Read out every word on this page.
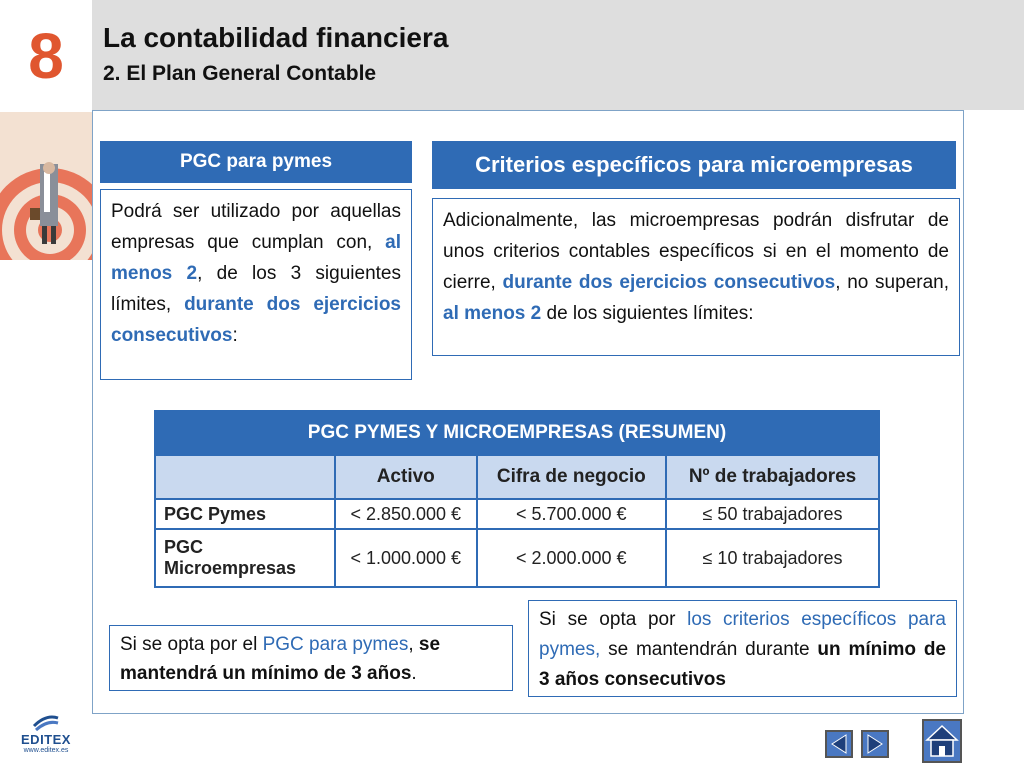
8	La contabilidad financiera
2. El Plan General Contable
PGC para pymes
Podrá ser utilizado por aquellas empresas que cumplan con, al menos 2, de los 3 siguientes límites, durante dos ejercicios consecutivos:
Criterios específicos para microempresas
Adicionalmente, las microempresas podrán disfrutar de unos criterios contables específicos si en el momento de cierre, durante dos ejercicios consecutivos, no superan, al menos 2 de los siguientes límites:
PGC PYMES Y MICROEMPRESAS (RESUMEN)			
	Activo	Cifra de negocio	Nº de trabajadores
PGC Pymes	< 2.850.000 €	< 5.700.000 €	≤ 50 trabajadores
PGC Microempresas	< 1.000.000 €	< 2.000.000 €	≤ 10 trabajadores
Si se opta por el PGC para pymes, se mantendrá un mínimo de 3 años.
Si se opta por los criterios específicos para pymes, se mantendrán durante un mínimo de 3 años consecutivos
EDITEX
www.editex.es
